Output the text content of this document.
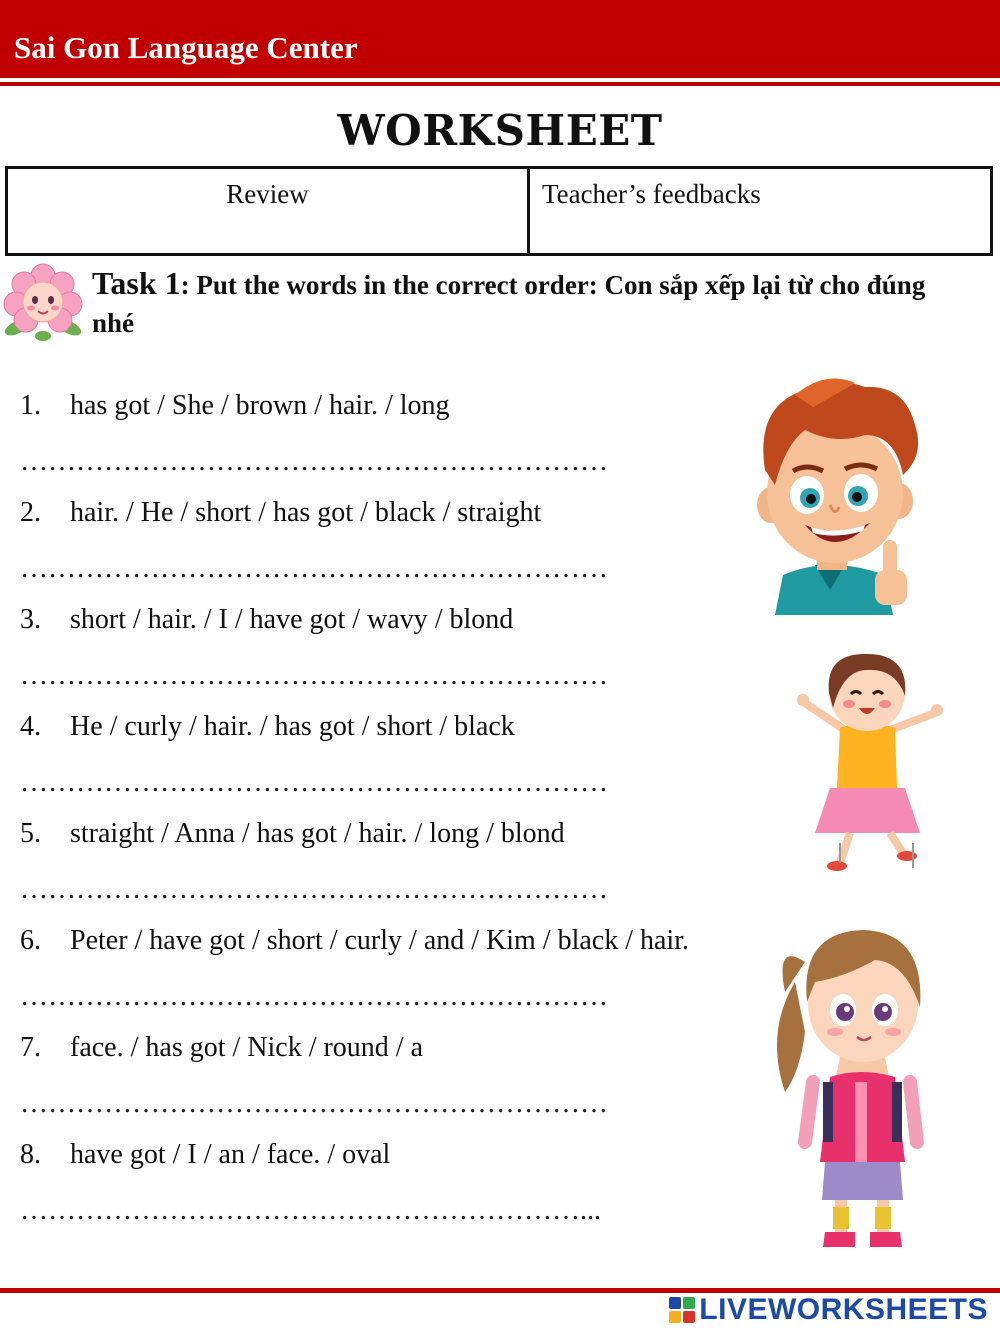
Sai Gon Language Center
WORKSHEET
Review	Teacher’s feedbacks
Task 1: Put the words in the correct order: Con sắp xếp lại từ cho đúng nhé
1. has got / She / brown / hair. / long
………………………………………………………
2. hair. / He / short / has got / black / straight
………………………………………………………
3. short / hair. / I / have got / wavy / blond
………………………………………………………
4. He / curly / hair. / has got / short / black
………………………………………………………
5. straight / Anna / has got / hair. / long / blond
………………………………………………………
6. Peter / have got / short / curly / and / Kim / black / hair.
………………………………………………………
7. face. / has got / Nick / round / a
………………………………………………………
8. have got / I / an / face. / oval
……………………………………………………...
LIVEWORKSHEETS
